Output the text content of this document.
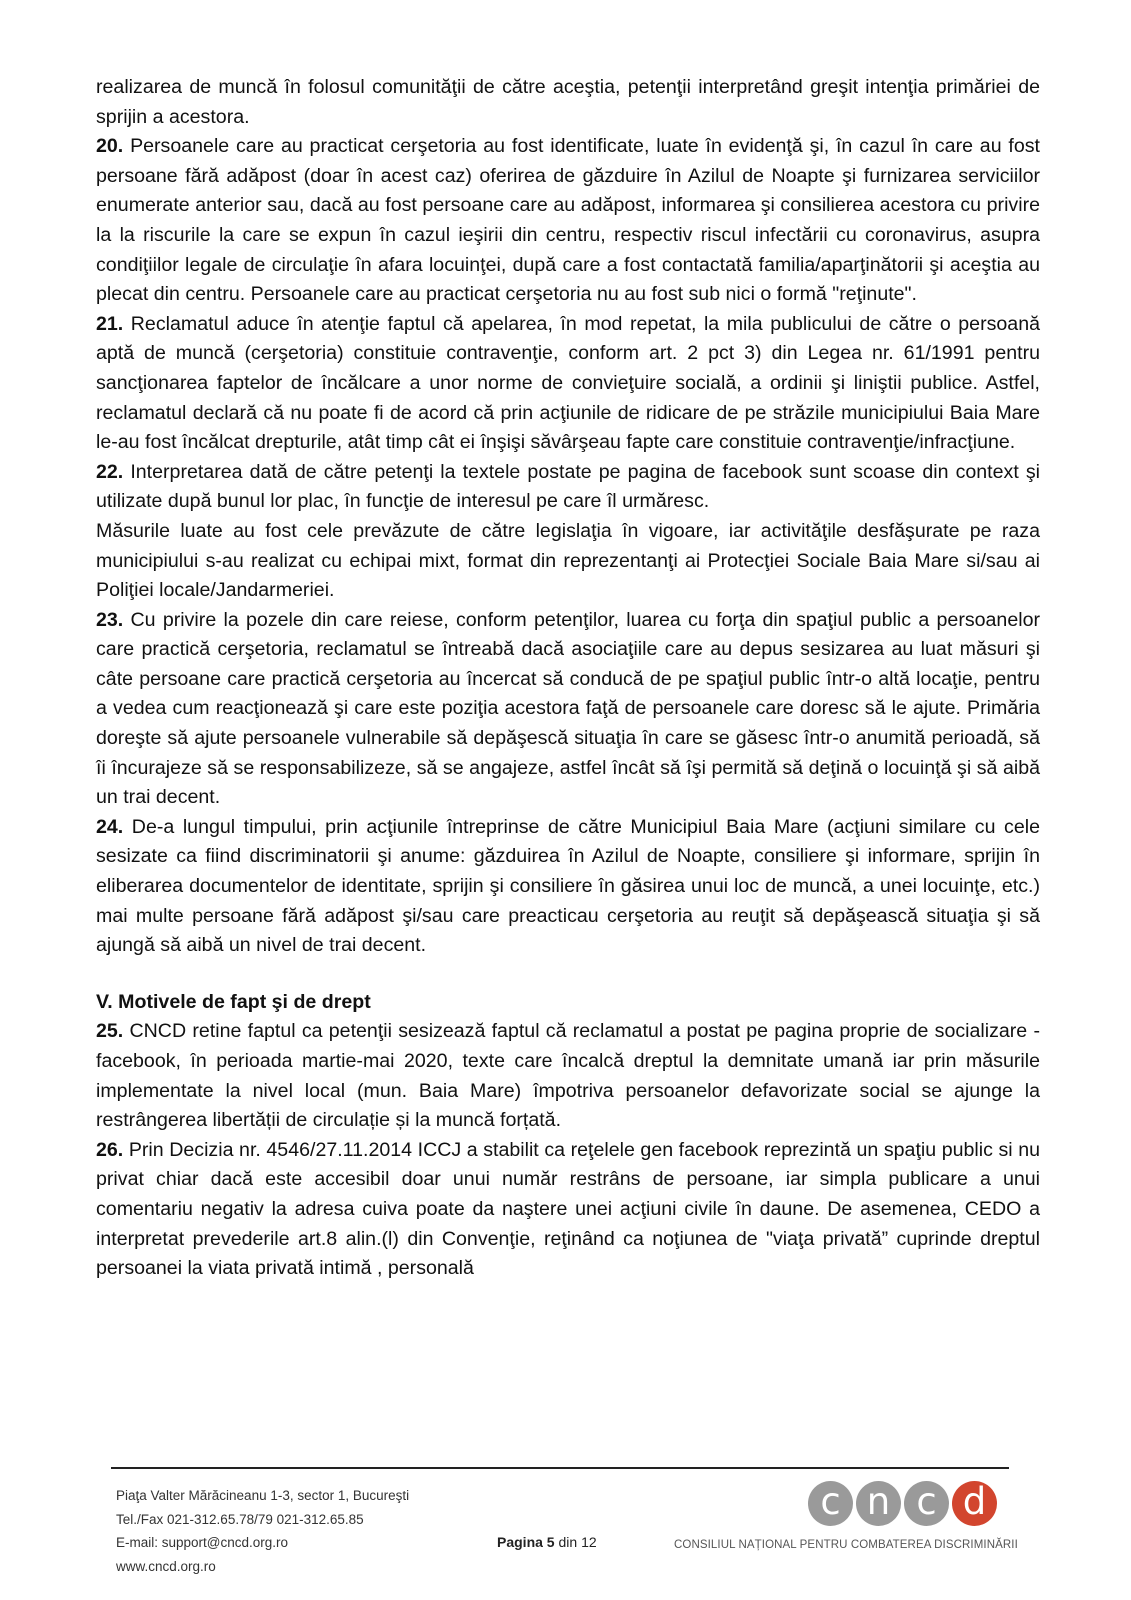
realizarea de muncă în folosul comunităţii de către aceştia, petenţii interpretând greşit intenţia primăriei de sprijin a acestora.

20. Persoanele care au practicat cerşetoria au fost identificate, luate în evidenţă şi, în cazul în care au fost persoane fără adăpost (doar în acest caz) oferirea de găzduire în Azilul de Noapte şi furnizarea serviciilor enumerate anterior sau, dacă au fost persoane care au adăpost, informarea şi consilierea acestora cu privire la la riscurile la care se expun în cazul ieşirii din centru, respectiv riscul infectării cu coronavirus, asupra condiţiilor legale de circulaţie în afara locuinţei, după care a fost contactată familia/aparţinătorii şi aceştia au plecat din centru. Persoanele care au practicat cerşetoria nu au fost sub nici o formă "reţinute".

21. Reclamatul aduce în atenţie faptul că apelarea, în mod repetat, la mila publicului de către o persoană aptă de muncă (cerşetoria) constituie contravenţie, conform art. 2 pct 3) din Legea nr. 61/1991 pentru sancţionarea faptelor de încălcare a unor norme de convieţuire socială, a ordinii şi liniştii publice. Astfel, reclamatul declară că nu poate fi de acord că prin acţiunile de ridicare de pe străzile municipiului Baia Mare le-au fost încălcat drepturile, atât timp cât ei înşişi săvârşeau fapte care constituie contravenţie/infracţiune.

22. Interpretarea dată de către petenţi la textele postate pe pagina de facebook sunt scoase din context şi utilizate după bunul lor plac, în funcţie de interesul pe care îl urmăresc.

Măsurile luate au fost cele prevăzute de către legislaţia în vigoare, iar activităţile desfăşurate pe raza municipiului s-au realizat cu echipai mixt, format din reprezentanţi ai Protecţiei Sociale Baia Mare si/sau ai Poliţiei locale/Jandarmeriei.

23. Cu privire la pozele din care reiese, conform petenţilor, luarea cu forţa din spaţiul public a persoanelor care practică cerşetoria, reclamatul se întreabă dacă asociaţiile care au depus sesizarea au luat măsuri şi câte persoane care practică cerşetoria au încercat să conducă de pe spaţiul public într-o altă locaţie, pentru a vedea cum reacţionează şi care este poziţia acestora faţă de persoanele care doresc să le ajute. Primăria doreşte să ajute persoanele vulnerabile să depăşescă situaţia în care se găsesc într-o anumită perioadă, să îi încurajeze să se responsabilizeze, să se angajeze, astfel încât să îşi permită să deţină o locuinţă şi să aibă un trai decent.

24. De-a lungul timpului, prin acţiunile întreprinse de către Municipiul Baia Mare (acţiuni similare cu cele sesizate ca fiind discriminatorii şi anume: găzduirea în Azilul de Noapte, consiliere şi informare, sprijin în eliberarea documentelor de identitate, sprijin şi consiliere în găsirea unui loc de muncă, a unei locuinţe, etc.) mai multe persoane fără adăpost şi/sau care preacticau cerşetoria au reuţit să depăşească situaţia şi să ajungă să aibă un nivel de trai decent.

V. Motivele de fapt şi de drept

25. CNCD retine faptul ca petenţii sesizează faptul că reclamatul a postat pe pagina proprie de socializare - facebook, în perioada martie-mai 2020, texte care încalcă dreptul la demnitate umană iar prin măsurile implementate la nivel local (mun. Baia Mare) împotriva persoanelor defavorizate social se ajunge la restrângerea libertății de circulație și la muncă forțată.

26. Prin Decizia nr. 4546/27.11.2014 ICCJ a stabilit ca reţelele gen facebook reprezintă un spaţiu public si nu privat chiar dacă este accesibil doar unui număr restrâns de persoane, iar simpla publicare a unui comentariu negativ la adresa cuiva poate da naştere unei acţiuni civile în daune. De asemenea, CEDO a interpretat prevederile art.8 alin.(l) din Convenţie, reţinând ca noţiunea de "viaţa privată” cuprinde dreptul persoanei la viata privată intimă , personală

Piaţa Valter Mărăcineanu 1-3, sector 1, Bucureşti
Tel./Fax 021-312.65.78/79 021-312.65.85
E-mail: support@cncd.org.ro
www.cncd.org.ro
Pagina 5 din 12
c n c d
CONSILIUL NAȚIONAL PENTRU COMBATEREA DISCRIMINĂRII
